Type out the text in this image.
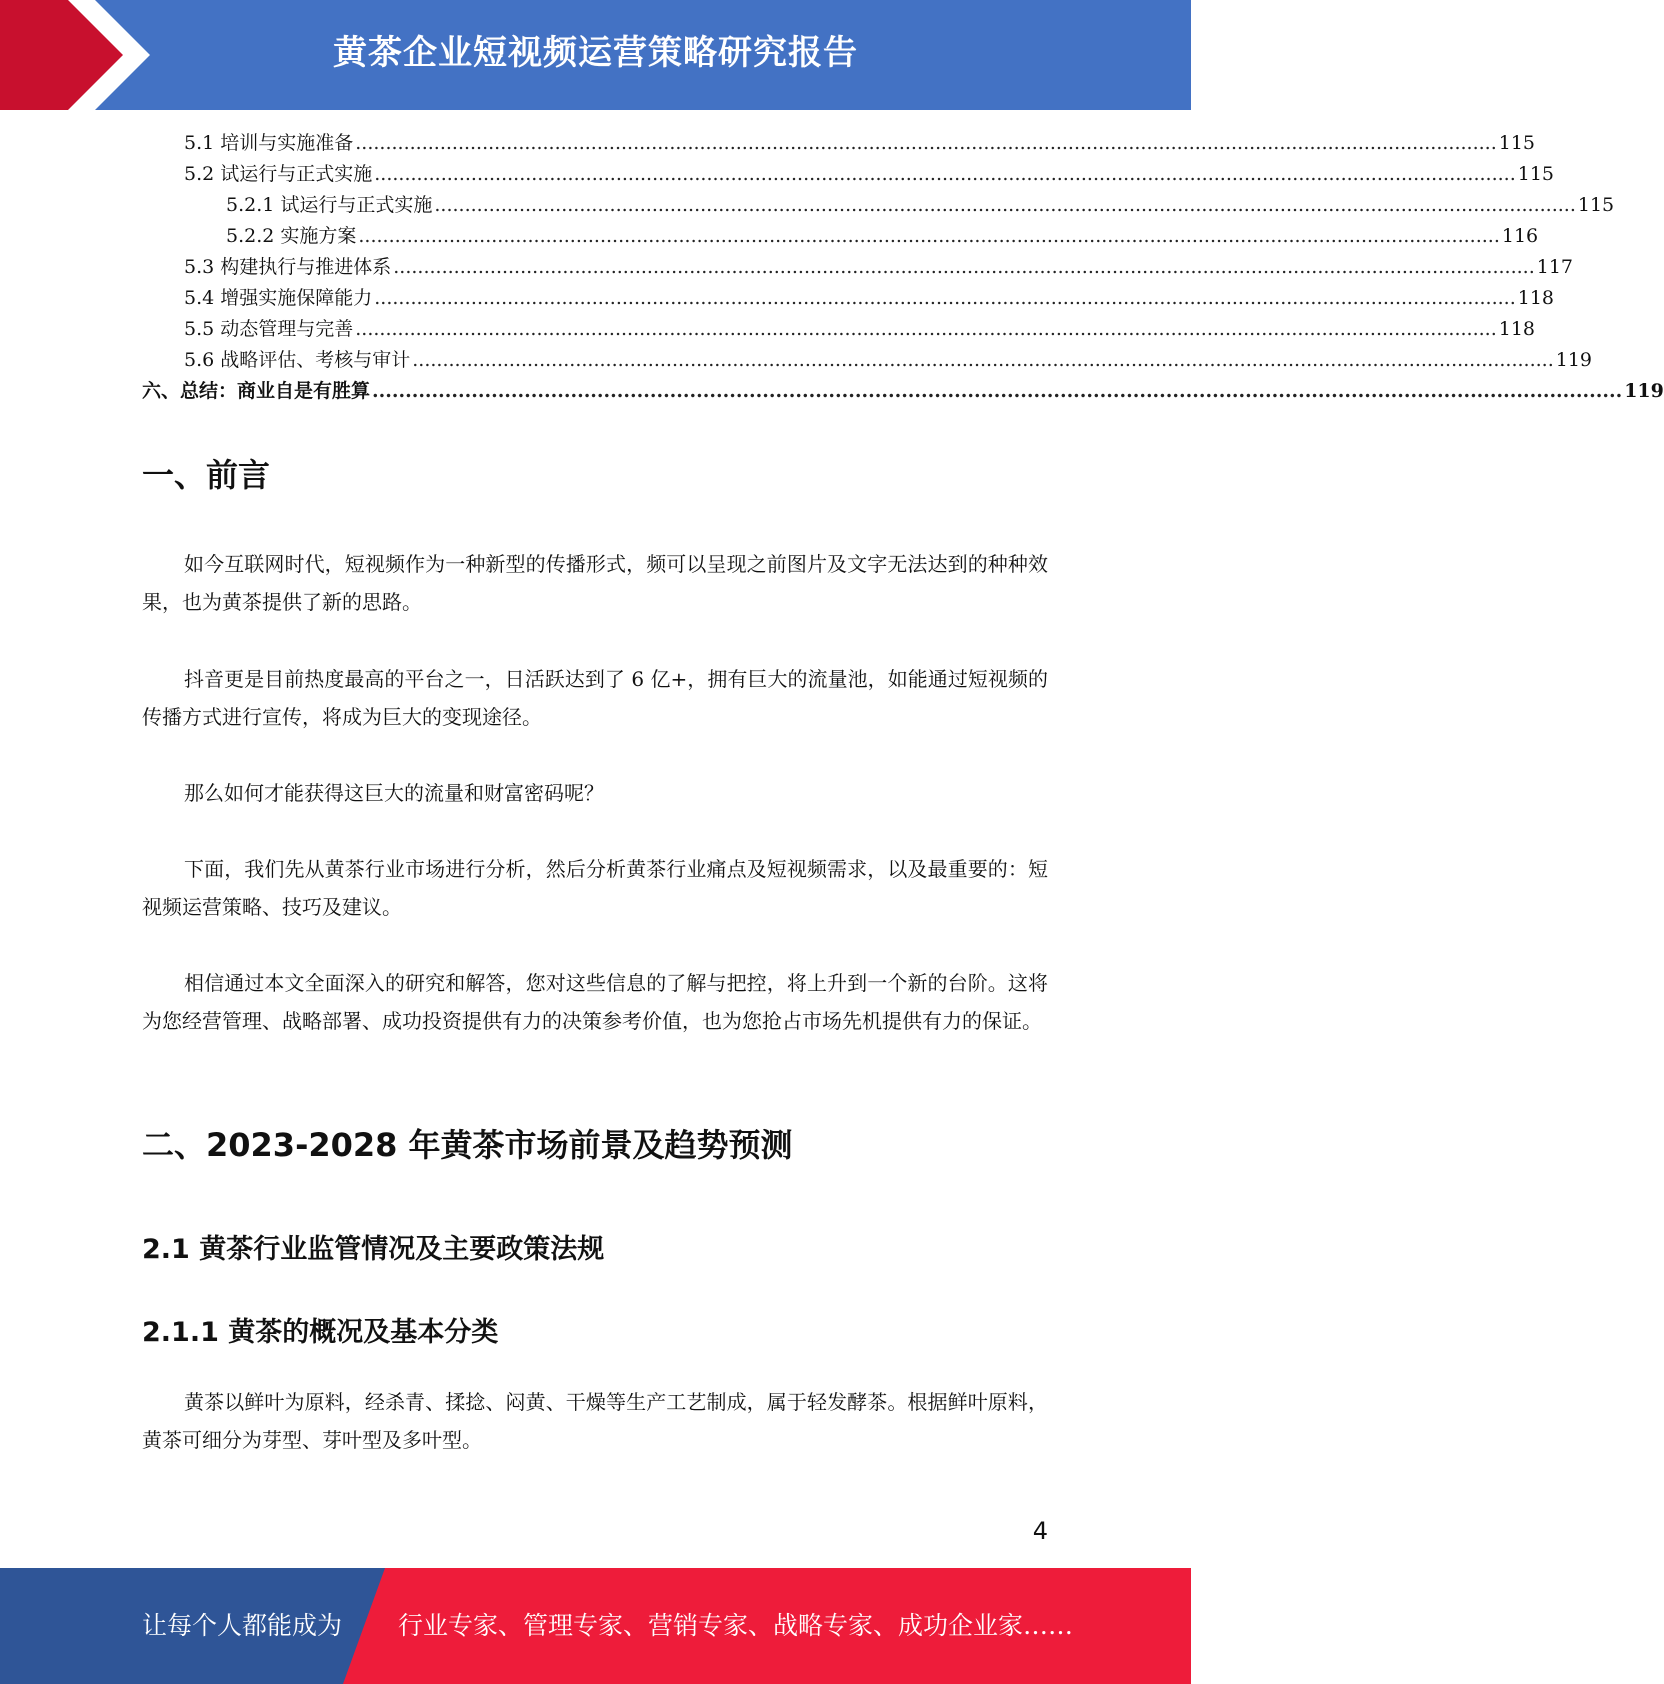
黄茶企业短视频运营策略研究报告
5.1 培训与实施准备 ............................................................................................................................................................................................. 115
5.2 试运行与正式实施 ............................................................................................................................................................................................. 115
5.2.1 试运行与正式实施 ............................................................................................................................................................................................. 115
5.2.2 实施方案 ............................................................................................................................................................................................. 116
5.3 构建执行与推进体系 ............................................................................................................................................................................................. 117
5.4 增强实施保障能力 ............................................................................................................................................................................................. 118
5.5 动态管理与完善 ............................................................................................................................................................................................. 118
5.6 战略评估、考核与审计 ............................................................................................................................................................................................. 119
六、总结：商业自是有胜算 ............................................................................................................................................................................................. 119
一、前言

如今互联网时代，短视频作为一种新型的传播形式，频可以呈现之前图片及文字无法达到的种种效果，也为黄茶提供了新的思路。

抖音更是目前热度最高的平台之一，日活跃达到了 6 亿+，拥有巨大的流量池，如能通过短视频的传播方式进行宣传，将成为巨大的变现途径。

那么如何才能获得这巨大的流量和财富密码呢？

下面，我们先从黄茶行业市场进行分析，然后分析黄茶行业痛点及短视频需求，以及最重要的：短视频运营策略、技巧及建议。

相信通过本文全面深入的研究和解答，您对这些信息的了解与把控，将上升到一个新的台阶。这将为您经营管理、战略部署、成功投资提供有力的决策参考价值，也为您抢占市场先机提供有力的保证。

二、2023-2028 年黄茶市场前景及趋势预测
2.1 黄茶行业监管情况及主要政策法规
2.1.1 黄茶的概况及基本分类

黄茶以鲜叶为原料，经杀青、揉捻、闷黄、干燥等生产工艺制成，属于轻发酵茶。根据鲜叶原料，黄茶可细分为芽型、芽叶型及多叶型。

4
让每个人都能成为 行业专家、管理专家、营销专家、战略专家、成功企业家……
